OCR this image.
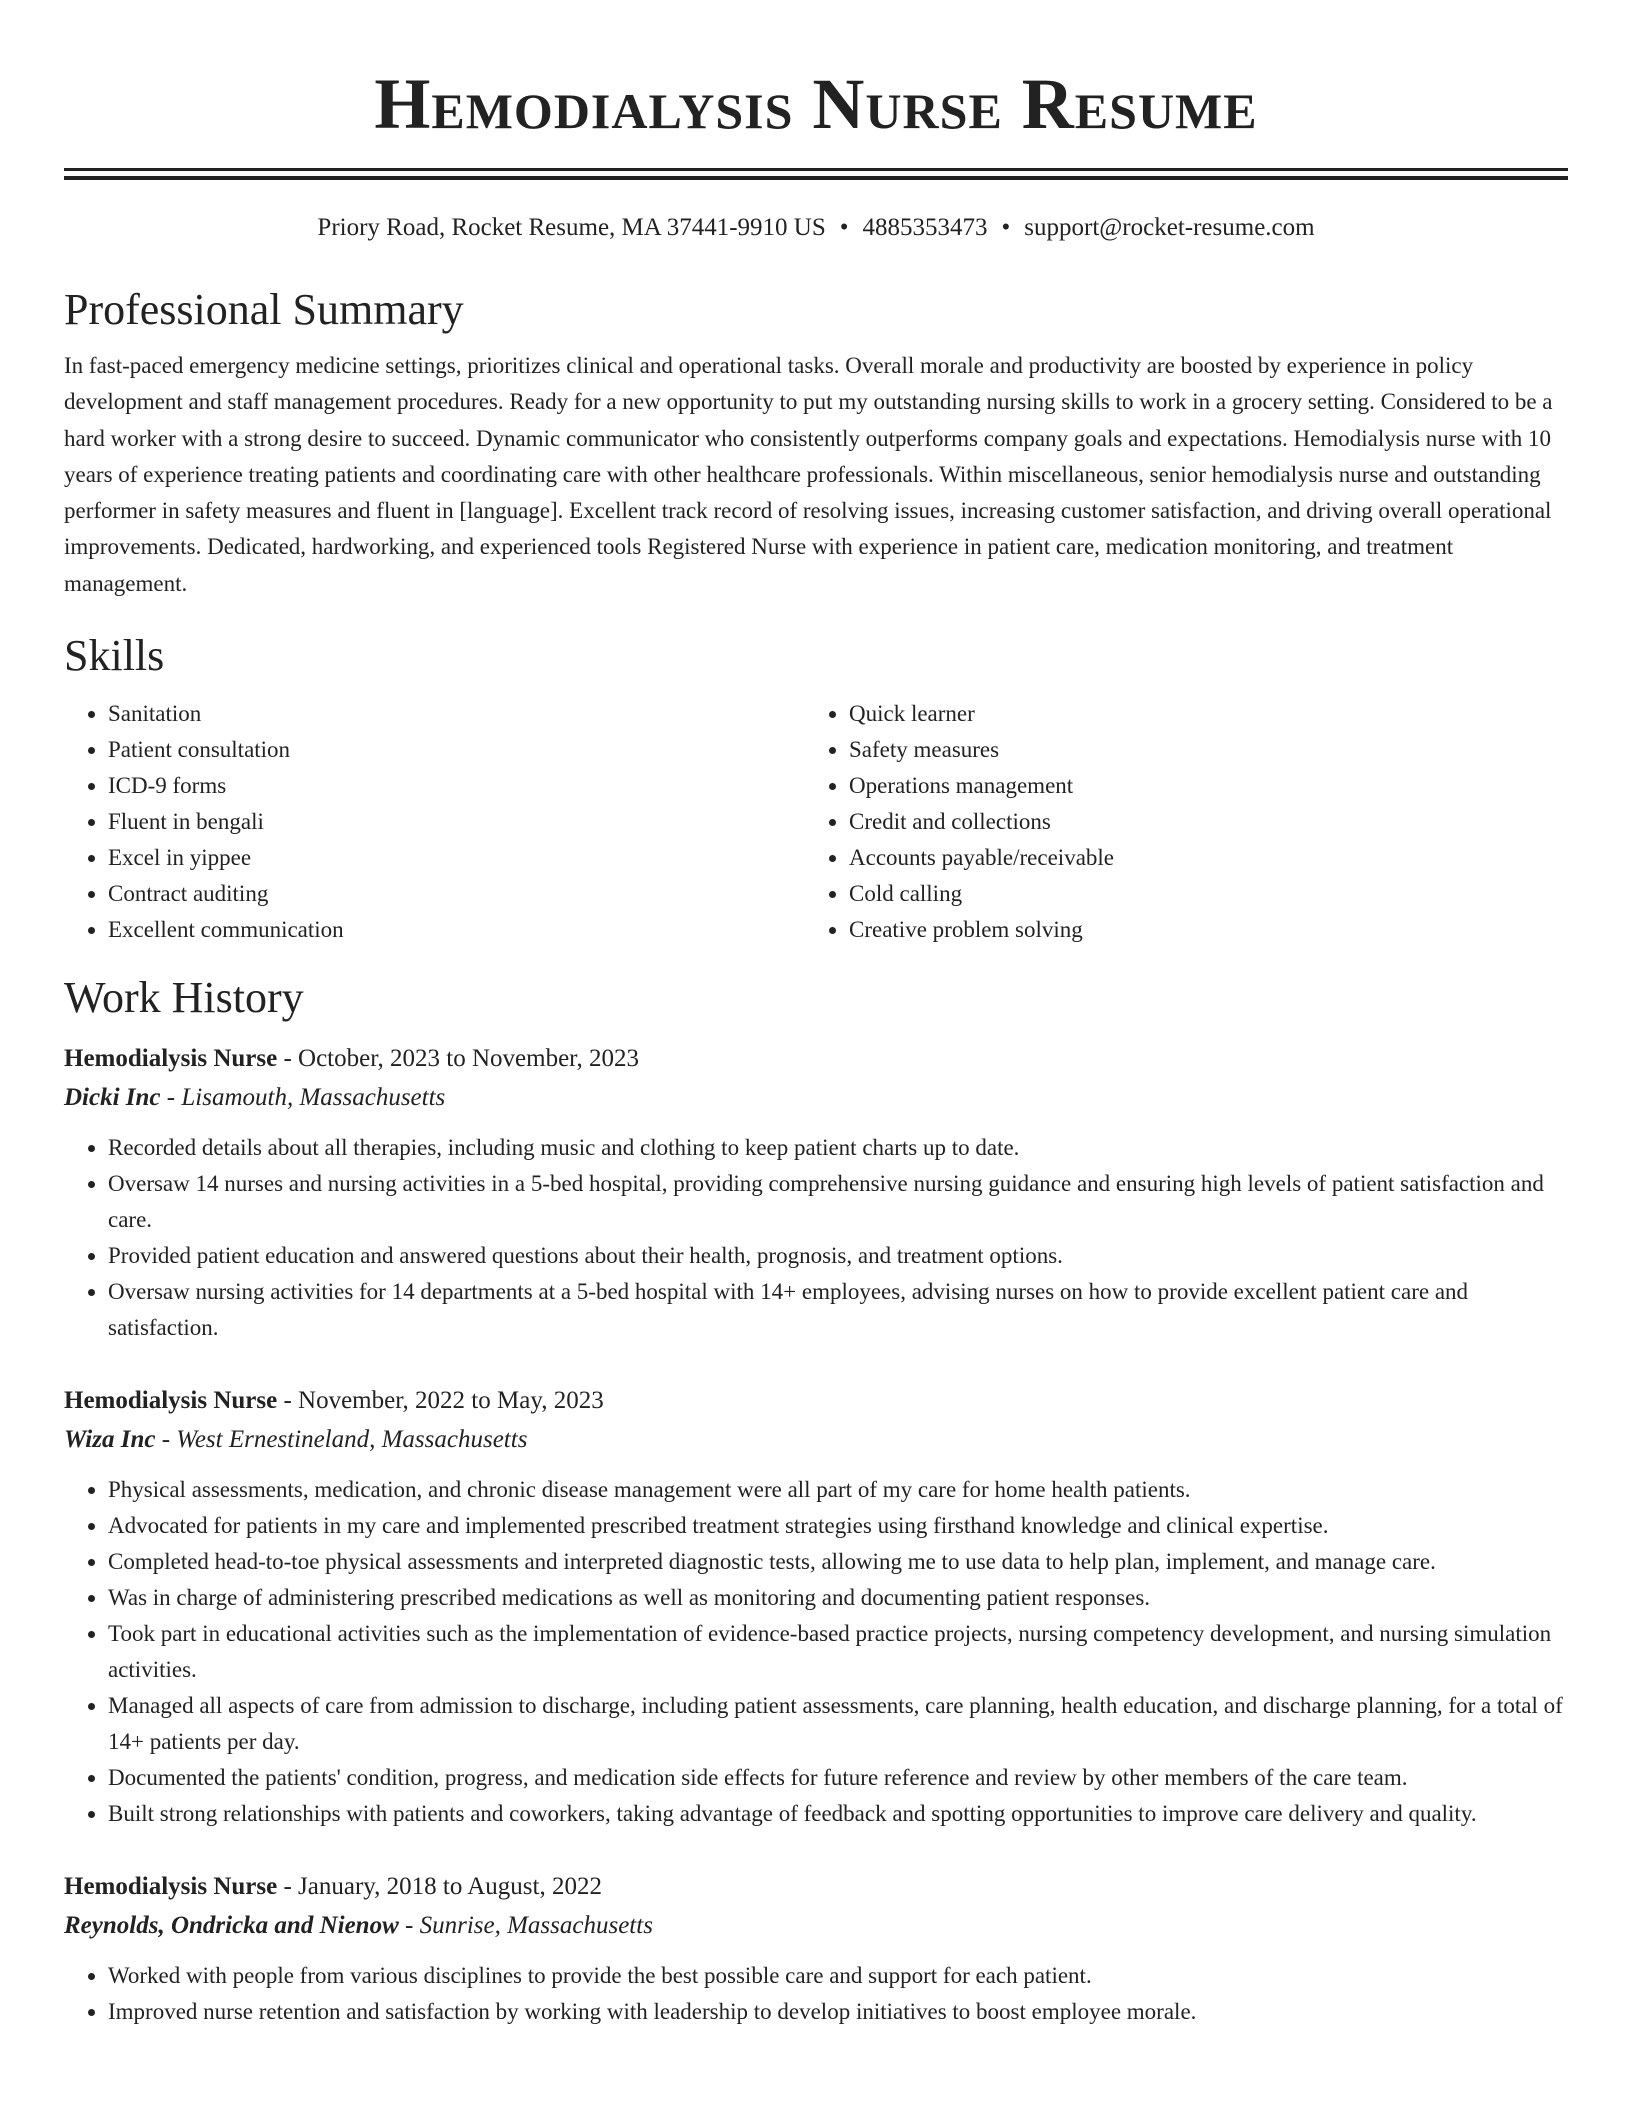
Hemodialysis Nurse Resume
Priory Road, Rocket Resume, MA 37441-9910 US • 4885353473 • support@rocket-resume.com
Professional Summary

In fast-paced emergency medicine settings, prioritizes clinical and operational tasks. Overall morale and productivity are boosted by experience in policy development and staff management procedures. Ready for a new opportunity to put my outstanding nursing skills to work in a grocery setting. Considered to be a hard worker with a strong desire to succeed. Dynamic communicator who consistently outperforms company goals and expectations. Hemodialysis nurse with 10 years of experience treating patients and coordinating care with other healthcare professionals. Within miscellaneous, senior hemodialysis nurse and outstanding performer in safety measures and fluent in [language]. Excellent track record of resolving issues, increasing customer satisfaction, and driving overall operational improvements. Dedicated, hardworking, and experienced tools Registered Nurse with experience in patient care, medication monitoring, and treatment management.

Skills
• Sanitation
• Patient consultation
• ICD-9 forms
• Fluent in bengali
• Excel in yippee
• Contract auditing
• Excellent communication
• Quick learner
• Safety measures
• Operations management
• Credit and collections
• Accounts payable/receivable
• Cold calling
• Creative problem solving
Work History
Hemodialysis Nurse - October, 2023 to November, 2023
Dicki Inc - Lisamouth, Massachusetts
• Recorded details about all therapies, including music and clothing to keep patient charts up to date.
• Oversaw 14 nurses and nursing activities in a 5-bed hospital, providing comprehensive nursing guidance and ensuring high levels of patient satisfaction and care.
• Provided patient education and answered questions about their health, prognosis, and treatment options.
• Oversaw nursing activities for 14 departments at a 5-bed hospital with 14+ employees, advising nurses on how to provide excellent patient care and satisfaction.
Hemodialysis Nurse - November, 2022 to May, 2023
Wiza Inc - West Ernestineland, Massachusetts
• Physical assessments, medication, and chronic disease management were all part of my care for home health patients.
• Advocated for patients in my care and implemented prescribed treatment strategies using firsthand knowledge and clinical expertise.
• Completed head-to-toe physical assessments and interpreted diagnostic tests, allowing me to use data to help plan, implement, and manage care.
• Was in charge of administering prescribed medications as well as monitoring and documenting patient responses.
• Took part in educational activities such as the implementation of evidence-based practice projects, nursing competency development, and nursing simulation activities.
• Managed all aspects of care from admission to discharge, including patient assessments, care planning, health education, and discharge planning, for a total of 14+ patients per day.
• Documented the patients' condition, progress, and medication side effects for future reference and review by other members of the care team.
• Built strong relationships with patients and coworkers, taking advantage of feedback and spotting opportunities to improve care delivery and quality.
Hemodialysis Nurse - January, 2018 to August, 2022
Reynolds, Ondricka and Nienow - Sunrise, Massachusetts
• Worked with people from various disciplines to provide the best possible care and support for each patient.
• Improved nurse retention and satisfaction by working with leadership to develop initiatives to boost employee morale.
